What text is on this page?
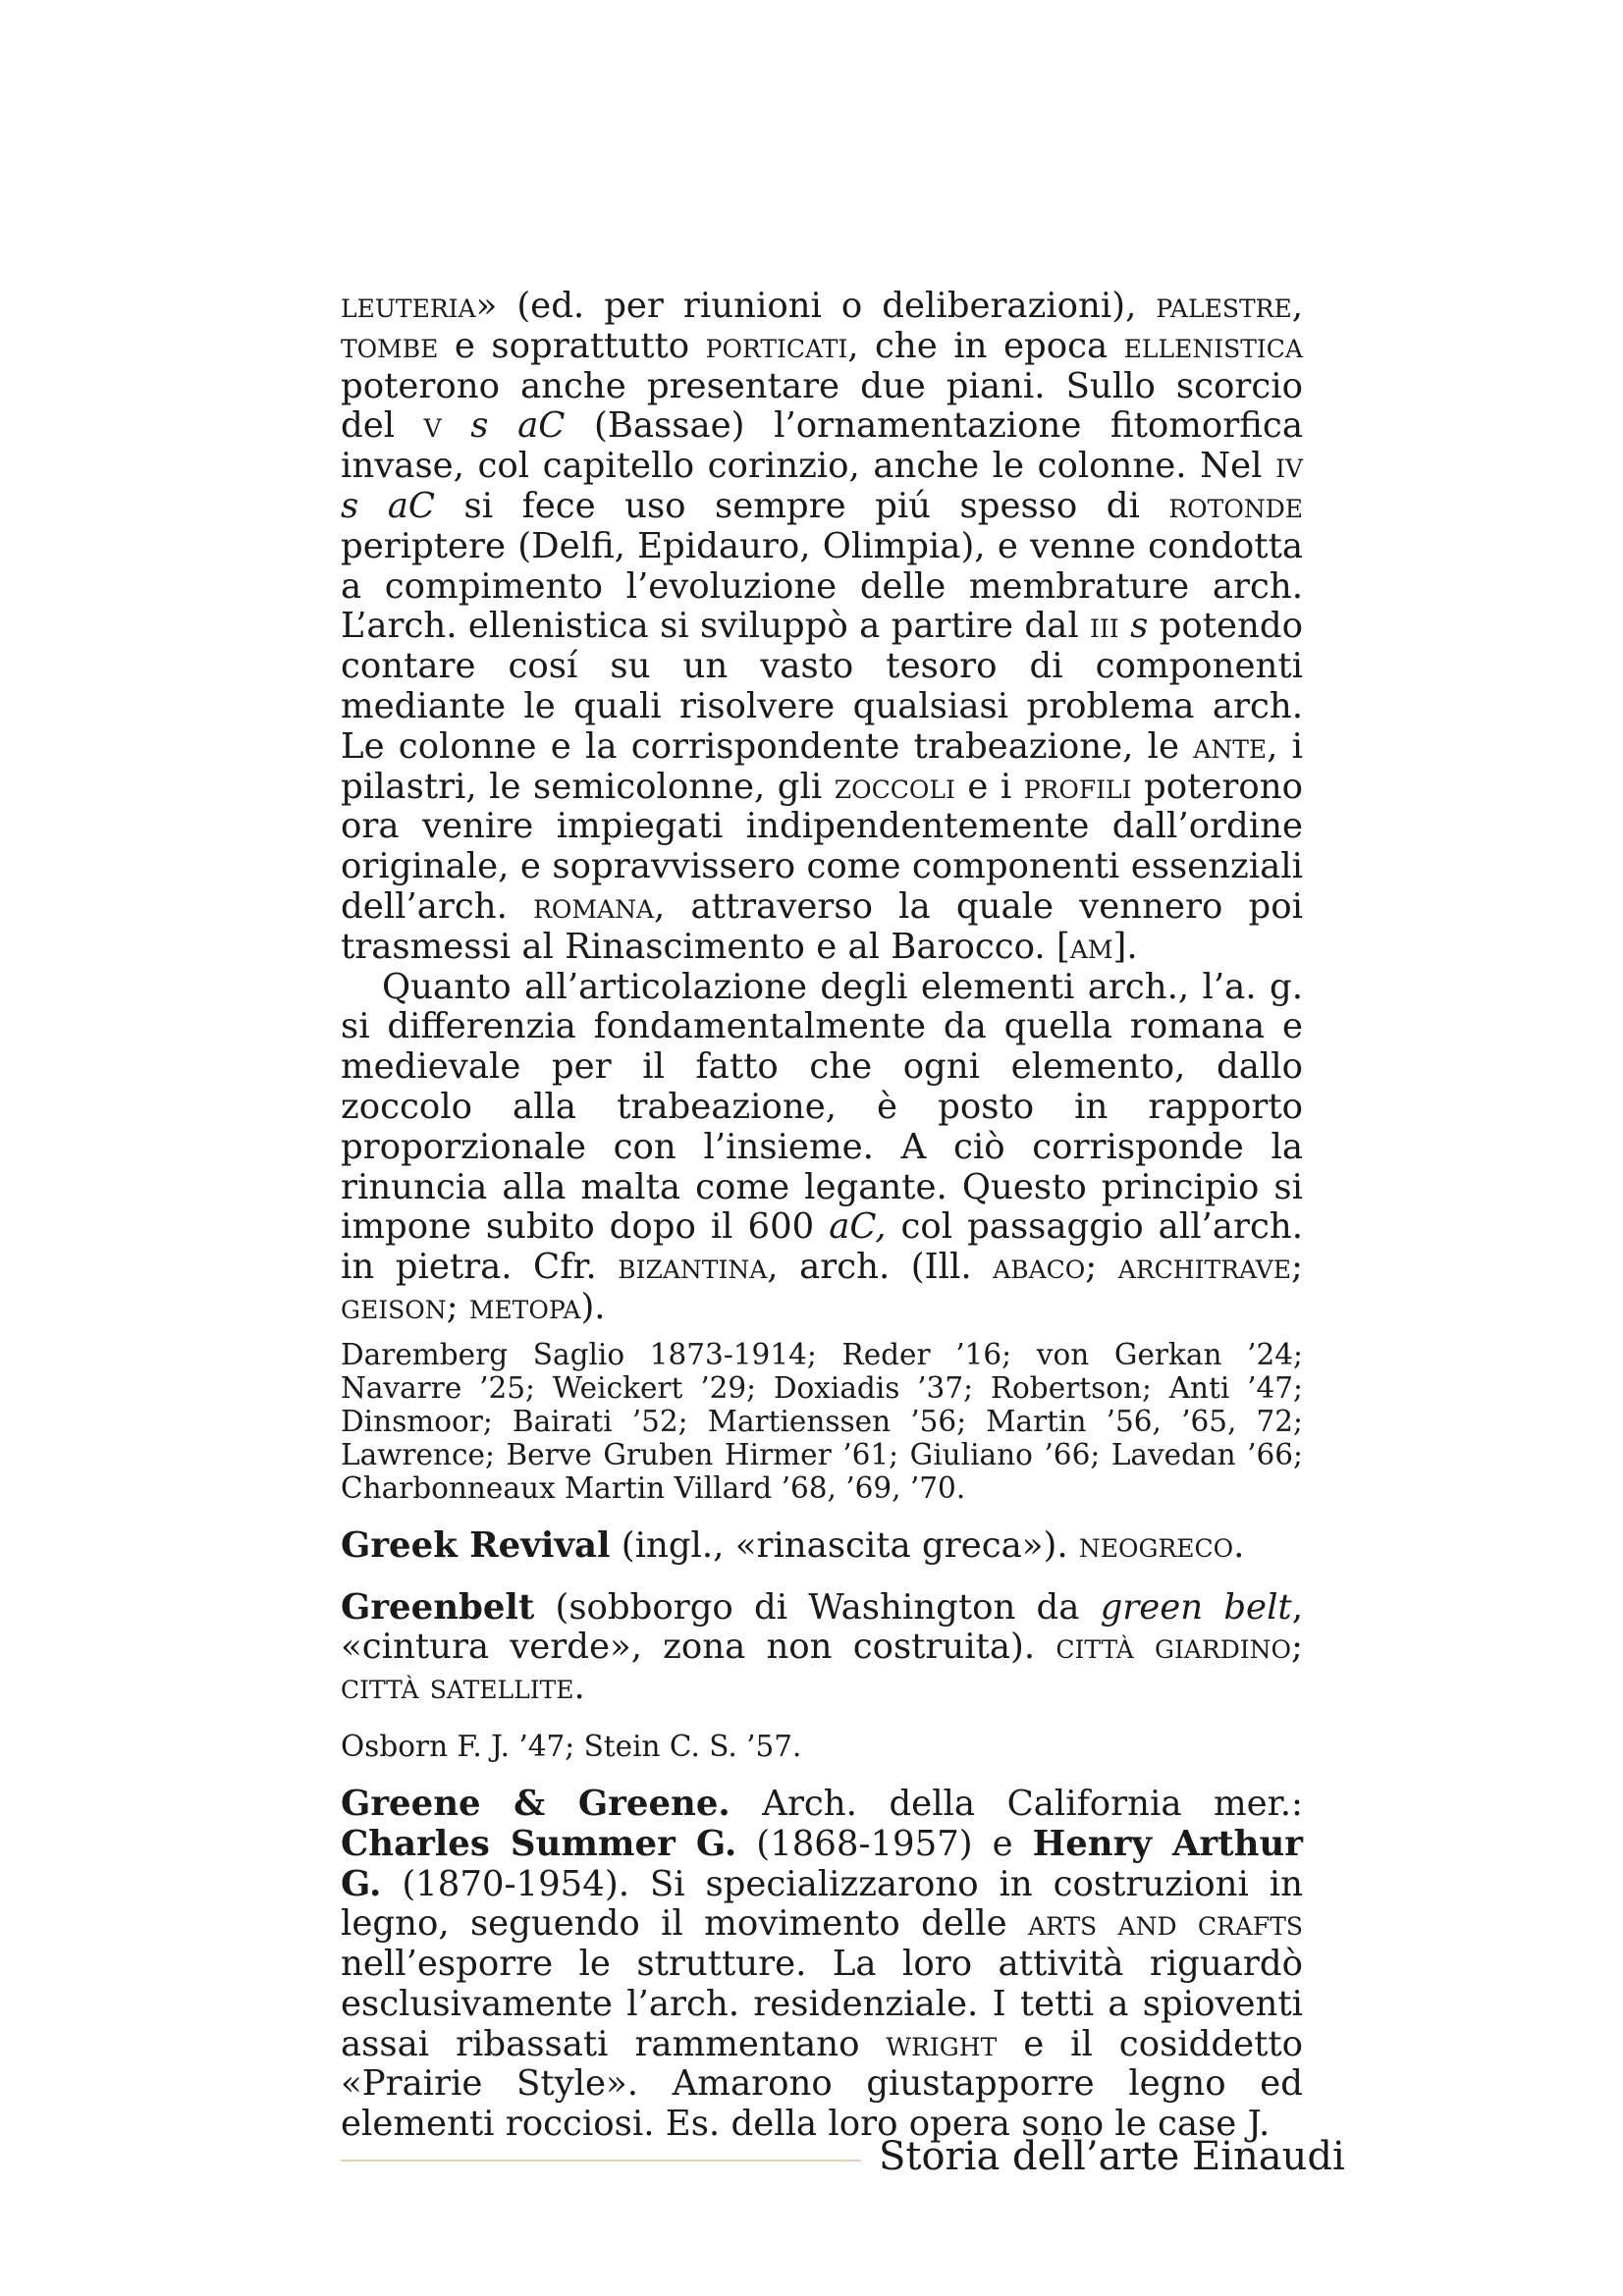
leuteria» (ed. per riunioni o deliberazioni), palestre, tombe e soprattutto porticati, che in epoca ellenistica poterono anche presentare due piani. Sullo scorcio del v s aC (Bassae) l’ornamentazione fitomorfica invase, col capitello corinzio, anche le colonne. Nel iv s aC si fece uso sempre piú spesso di rotonde periptere (Delfi, Epidauro, Olimpia), e venne condotta a compimento l’evoluzione delle membrature arch. L’arch. ellenistica si sviluppò a partire dal iii s potendo contare cosí su un vasto tesoro di componenti mediante le quali risolvere qualsiasi problema arch. Le colonne e la corrispondente trabeazione, le ante, i pilastri, le semicolonne, gli zoccoli e i profili poterono ora venire impiegati indipendentemente dall’ordine originale, e sopravvissero come componenti essenziali dell’arch. romana, attraverso la quale vennero poi trasmessi al Rinascimento e al Barocco. [am].

Quanto all’articolazione degli elementi arch., l’a. g. si differenzia fondamentalmente da quella romana e medievale per il fatto che ogni elemento, dallo zoccolo alla trabeazione, è posto in rapporto proporzionale con l’insieme. A ciò corrisponde la rinuncia alla malta come legante. Questo principio si impone subito dopo il 600 aC, col passaggio all’arch. in pietra. Cfr. bizantina, arch. (Ill. abaco; architrave; geison; metopa).

Daremberg Saglio 1873-1914; Reder ’16; von Gerkan ’24; Navarre ’25; Weickert ’29; Doxiadis ’37; Robertson; Anti ’47; Dinsmoor; Bairati ’52; Martienssen ’56; Martin ’56, ’65, 72; Lawrence; Berve Gruben Hirmer ’61; Giuliano ’66; Lavedan ’66; Charbonneaux Martin Villard ’68, ’69, ’70.

Greek Revival (ingl., «rinascita greca»). neogreco.

Greenbelt (sobborgo di Washington da green belt, «cintura verde», zona non costruita). città giardino; città satellite.

Osborn F. J. ’47; Stein C. S. ’57.

Greene & Greene. Arch. della California mer.: Charles Summer G. (1868-1957) e Henry Arthur G. (1870-1954). Si specializzarono in costruzioni in legno, seguendo il movimento delle arts and crafts nell’esporre le strutture. La loro attività riguardò esclusivamente l’arch. residenziale. I tetti a spioventi assai ribassati rammentano wright e il cosiddetto «Prairie Style». Amarono giustapporre legno ed elementi rocciosi. Es. della loro opera sono le case J.

Storia dell’arte Einaudi
